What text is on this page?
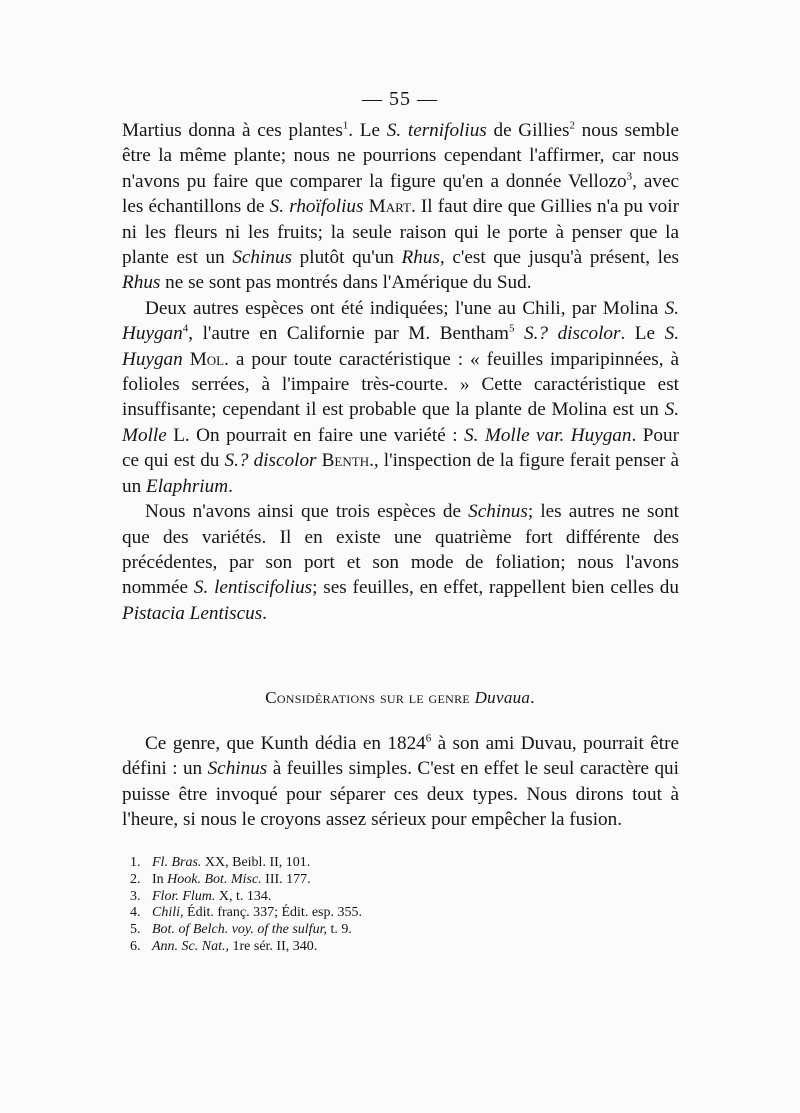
— 55 —

Martius donna à ces plantes$^1$. Le S. ternifolius de Gillies$^2$ nous semble être la même plante; nous ne pourrions cependant l'affirmer, car nous n'avons pu faire que comparer la figure qu'en a donnée Vellozo$^3$, avec les échantillons de S. rhoïfolius Mart. Il faut dire que Gillies n'a pu voir ni les fleurs ni les fruits; la seule raison qui le porte à penser que la plante est un Schinus plutôt qu'un Rhus, c'est que jusqu'à présent, les Rhus ne se sont pas montrés dans l'Amérique du Sud.

Deux autres espèces ont été indiquées; l'une au Chili, par Molina S. Huygan$^4$, l'autre en Californie par M. Bentham$^5$ S.? discolor. Le S. Huygan Mol. a pour toute caractéristique : « feuilles imparipinnées, à folioles serrées, à l'impaire très-courte. » Cette caractéristique est insuffisante; cependant il est probable que la plante de Molina est un S. Molle L. On pourrait en faire une variété : S. Molle var. Huygan. Pour ce qui est du S.? discolor Benth., l'inspection de la figure ferait penser à un Elaphrium.

Nous n'avons ainsi que trois espèces de Schinus; les autres ne sont que des variétés. Il en existe une quatrième fort différente des précédentes, par son port et son mode de foliation; nous l'avons nommée S. lentiscifolius; ses feuilles, en effet, rappellent bien celles du Pistacia Lentiscus.

Considérations sur le genre Duvaua.

Ce genre, que Kunth dédia en 1824$^6$ à son ami Duvau, pourrait être défini : un Schinus à feuilles simples. C'est en effet le seul caractère qui puisse être invoqué pour séparer ces deux types. Nous dirons tout à l'heure, si nous le croyons assez sérieux pour empêcher la fusion.

1. Fl. Bras. XX, Beibl. II, 101.
2. In Hook. Bot. Misc. III. 177.
3. Flor. Flum. X, t. 134.
4. Chili, Édit. franç. 337; Édit. esp. 355.
5. Bot. of Belch. voy. of the sulfur, t. 9.
6. Ann. Sc. Nat., 1re sér. II, 340.
